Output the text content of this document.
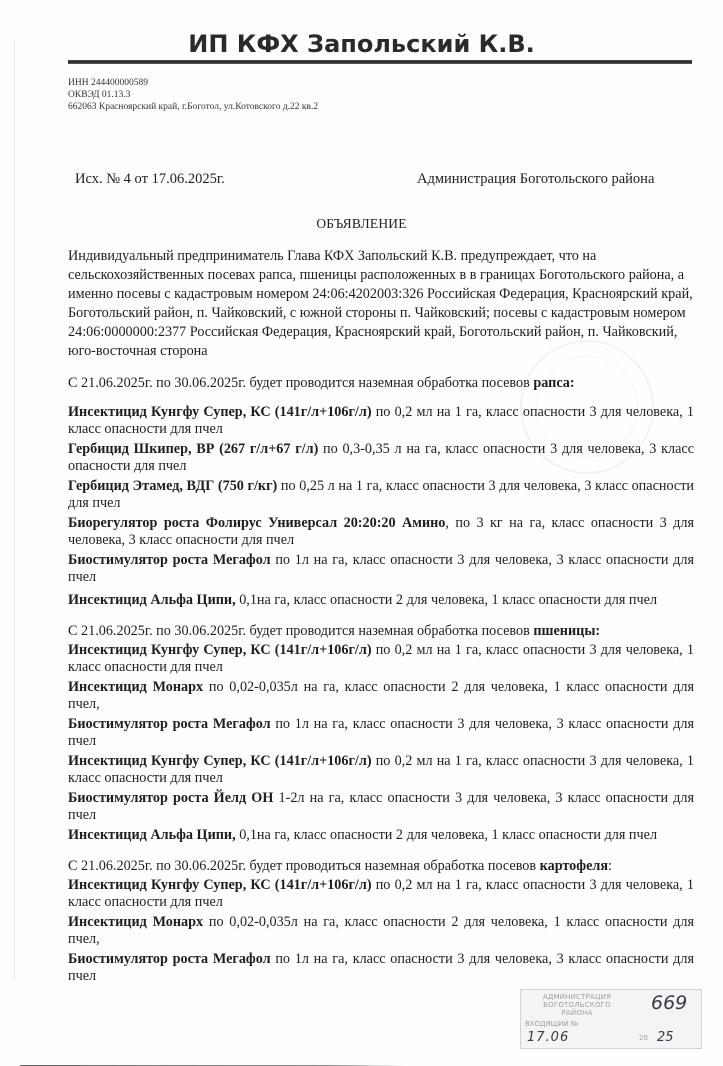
ИП КФХ Запольский К.В.
ИНН 244400000589
ОКВЭД 01.13.3
662063 Красноярский край, г.Боготол, ул.Котовского д.22 кв.2
Исх. № 4 от 17.06.2025г.	Администрация Боготольского района
ОБЪЯВЛЕНИЕ

Индивидуальный предприниматель Глава КФХ Запольский К.В. предупреждает, что на сельскохозяйственных посевах рапса, пшеницы расположенных в в границах Боготольского района, а именно посевы с кадастровым номером 24:06:4202003:326 Российская Федерация, Красноярский край, Боготольский район, п. Чайковский, с южной стороны п. Чайковский; посевы с кадастровым номером 24:06:0000000:2377 Российская Федерация, Красноярский край, Боготольский район, п. Чайковский, юго-восточная сторона

С 21.06.2025г. по 30.06.2025г. будет проводится наземная обработка посевов рапса:

Инсектицид Кунгфу Супер, КС (141г/л+106г/л) по 0,2 мл на 1 га, класс опасности 3 для человека, 1 класс опасности для пчел

Гербицид Шкипер, ВР (267 г/л+67 г/л) по 0,3-0,35 л на га, класс опасности 3 для человека, 3 класс опасности для пчел

Гербицид Этамед, ВДГ (750 г/кг) по 0,25 л на 1 га, класс опасности 3 для человека, 3 класс опасности для пчел

Биорегулятор роста Фолирус Универсал 20:20:20 Амино, по 3 кг на га, класс опасности 3 для человека, 3 класс опасности для пчел

Биостимулятор роста Мегафол по 1л на га, класс опасности 3 для человека, 3 класс опасности для пчел

Инсектицид Альфа Ципи, 0,1на га, класс опасности 2 для человека, 1 класс опасности для пчел

С 21.06.2025г. по 30.06.2025г. будет проводится наземная обработка посевов пшеницы:

Инсектицид Кунгфу Супер, КС (141г/л+106г/л) по 0,2 мл на 1 га, класс опасности 3 для человека, 1 класс опасности для пчел

Инсектицид Монарх по 0,02-0,035л на га, класс опасности 2 для человека, 1 класс опасности для пчел,

Биостимулятор роста Мегафол по 1л на га, класс опасности 3 для человека, 3 класс опасности для пчел

Инсектицид Кунгфу Супер, КС (141г/л+106г/л) по 0,2 мл на 1 га, класс опасности 3 для человека, 1 класс опасности для пчел

Биостимулятор роста Йелд ОН 1-2л на га, класс опасности 3 для человека, 3 класс опасности для пчел

Инсектицид Альфа Ципи, 0,1на га, класс опасности 2 для человека, 1 класс опасности для пчел

С 21.06.2025г. по 30.06.2025г. будет проводиться наземная обработка посевов картофеля:

Инсектицид Кунгфу Супер, КС (141г/л+106г/л) по 0,2 мл на 1 га, класс опасности 3 для человека, 1 класс опасности для пчел

Инсектицид Монарх по 0,02-0,035л на га, класс опасности 2 для человека, 1 класс опасности для пчел,

Биостимулятор роста Мегафол по 1л на га, класс опасности 3 для человека, 3 класс опасности для пчел

АДМИНИСТРАЦИЯ
БОГОТОЛЬСКОГО
РАЙОНА
ВХОДЯЩИЙ №
20
669
17.06	25
